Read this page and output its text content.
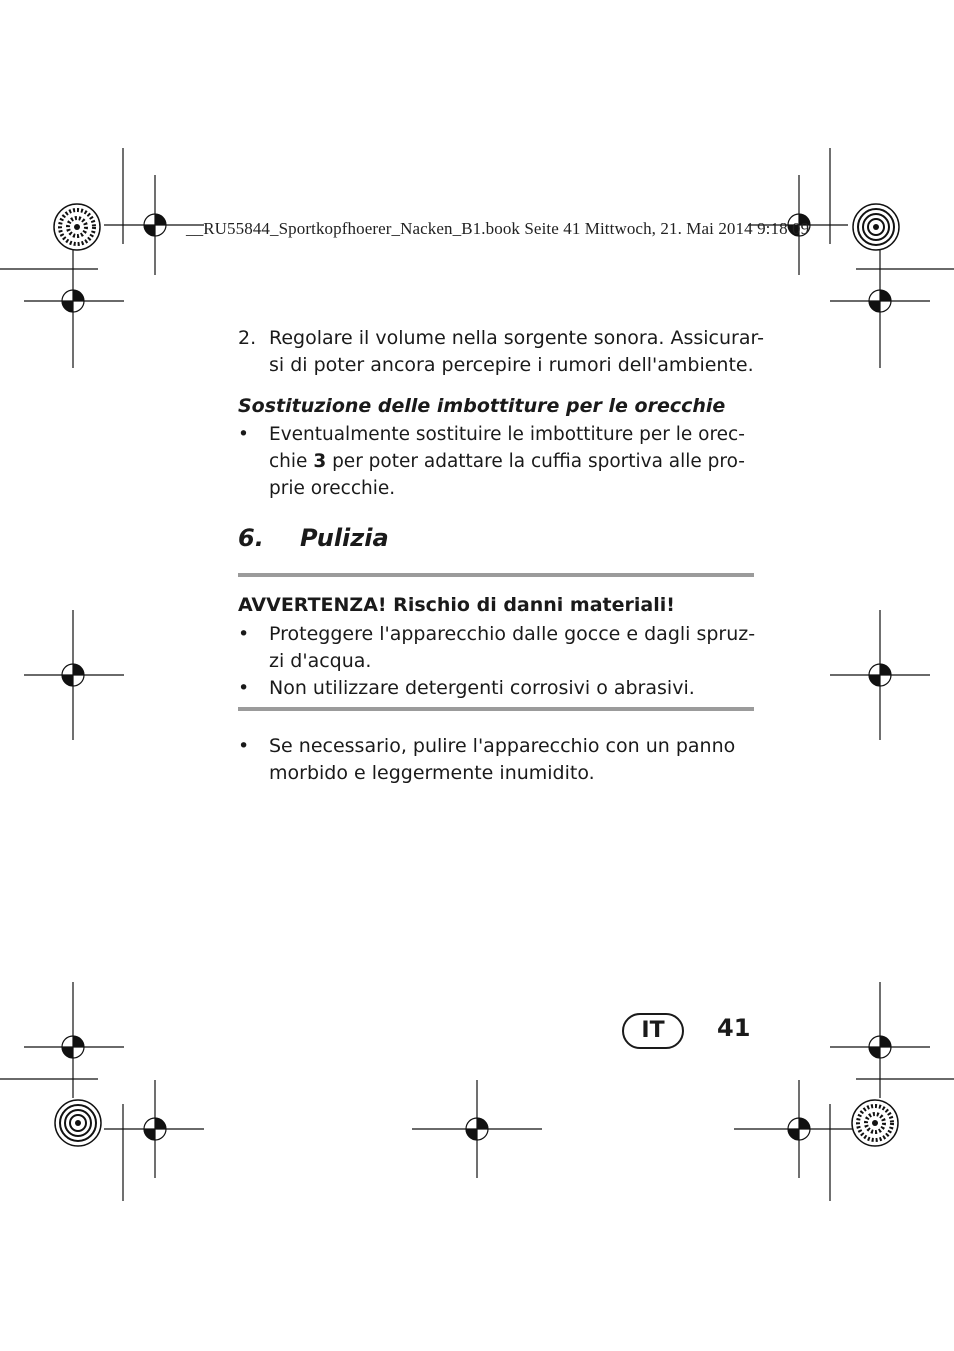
__RU55844_Sportkopfhoerer_Nacken_B1.book Seite 41 Mittwoch, 21. Mai 2014 9:18 09
2. Regolare il volume nella sorgente sonora. Assicurar-
si di poter ancora percepire i rumori dell'ambiente.
Sostituzione delle imbottiture per le orecchie
• Eventualmente sostituire le imbottiture per le orec-
chie 3 per poter adattare la cuffia sportiva alle pro-
prie orecchie.
6. Pulizia
AVVERTENZA! Rischio di danni materiali!
• Proteggere l'apparecchio dalle gocce e dagli spruz-
zi d'acqua.
• Non utilizzare detergenti corrosivi o abrasivi.
• Se necessario, pulire l'apparecchio con un panno
morbido e leggermente inumidito.
IT	41
